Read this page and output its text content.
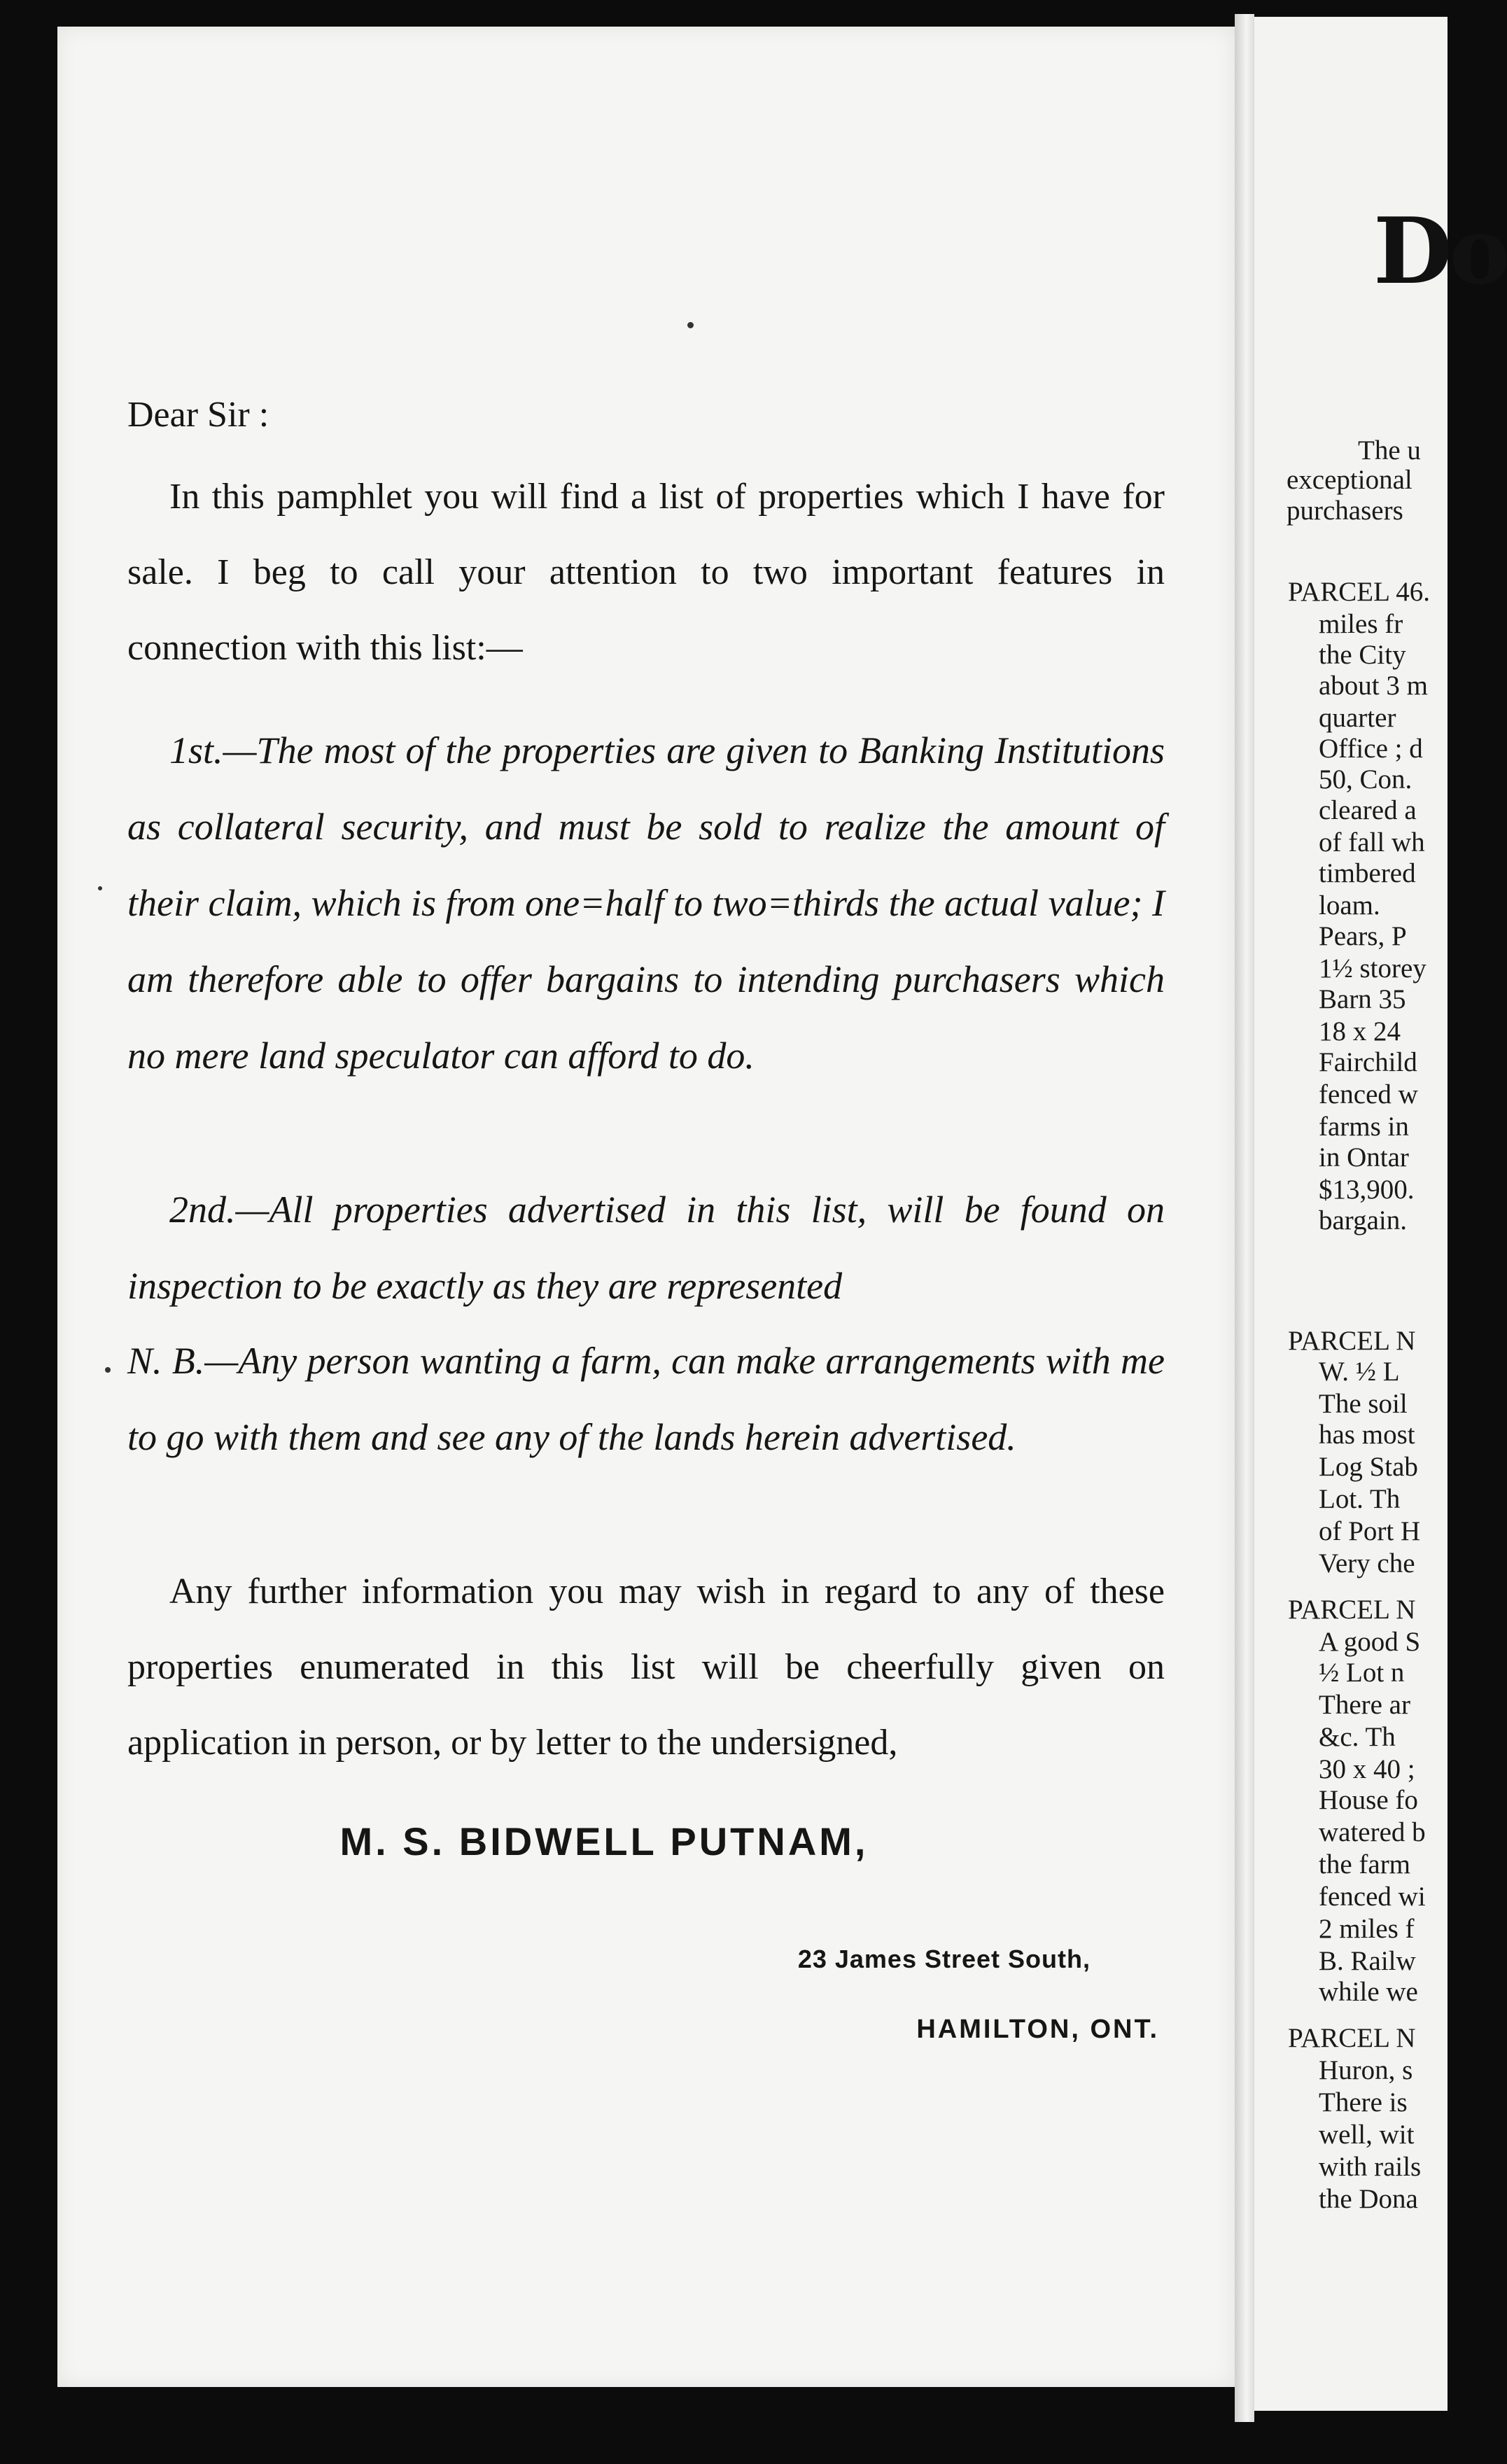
Dear Sir :

In this pamphlet you will find a list of properties which I have for sale. I beg to call your attention to two important features in connection with this list:—

1st.—The most of the properties are given to Banking Institutions as collateral security, and must be sold to realize the amount of their claim, which is from one=half to two=thirds the actual value; I am therefore able to offer bargains to intending purchasers which no mere land speculator can afford to do.

2nd.—All properties advertised in this list, will be found on inspection to be exactly as they are represented

N. B.—Any person wanting a farm, can make arrangements with me to go with them and see any of the lands herein advertised.

Any further information you may wish in regard to any of these properties enumerated in this list will be cheerfully given on application in person, or by letter to the undersigned,

M. S. BIDWELL PUTNAM,
23 James Street South,
HAMILTON, ONT.
Do
The u
exceptional
purchasers
PARCEL 46.
miles fr
the City
about 3 m
quarter
Office ; d
50, Con.
cleared a
of fall wh
timbered
loam.
Pears, P
1½ storey
Barn 35
18 x 24
Fairchild
fenced w
farms in
in Ontar
$13,900.
bargain.
PARCEL N
W. ½ L
The soil
has most
Log Stab
Lot. Th
of Port H
Very che
PARCEL N
A good S
½ Lot n
There ar
&c. Th
30 x 40 ;
House fo
watered b
the farm
fenced wi
2 miles f
B. Railw
while we
PARCEL N
Huron, s
There is
well, wit
with rails
the Dona
